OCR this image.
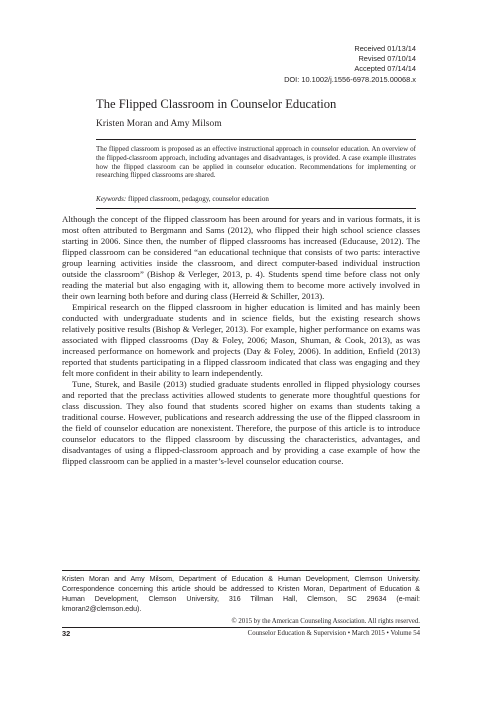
Received 01/13/14
Revised 07/10/14
Accepted 07/14/14
DOI: 10.1002/j.1556-6978.2015.00068.x
The Flipped Classroom in Counselor Education
Kristen Moran and Amy Milsom
The flipped classroom is proposed as an effective instructional approach in counselor education. An overview of the flipped-classroom approach, including advantages and disadvantages, is provided. A case example illustrates how the flipped classroom can be applied in counselor education. Recommendations for implementing or researching flipped classrooms are shared.
Keywords: flipped classroom, pedagogy, counselor education

Although the concept of the flipped classroom has been around for years and in various formats, it is most often attributed to Bergmann and Sams (2012), who flipped their high school science classes starting in 2006. Since then, the number of flipped classrooms has increased (Educause, 2012). The flipped classroom can be considered “an educational technique that consists of two parts: interactive group learning activities inside the classroom, and direct computer-based individual instruction outside the classroom” (Bishop & Verleger, 2013, p. 4). Students spend time before class not only reading the material but also engaging with it, allowing them to become more actively involved in their own learning both before and during class (Herreid & Schiller, 2013).

Empirical research on the flipped classroom in higher education is limited and has mainly been conducted with undergraduate students and in science fields, but the existing research shows relatively positive results (Bishop & Verleger, 2013). For example, higher performance on exams was associated with flipped classrooms (Day & Foley, 2006; Mason, Shuman, & Cook, 2013), as was increased performance on homework and projects (Day & Foley, 2006). In addition, Enfield (2013) reported that students participating in a flipped classroom indicated that class was engaging and they felt more confident in their ability to learn independently.

Tune, Sturek, and Basile (2013) studied graduate students enrolled in flipped physiology courses and reported that the preclass activities allowed students to generate more thoughtful questions for class discussion. They also found that students scored higher on exams than students taking a traditional course. However, publications and research addressing the use of the flipped classroom in the field of counselor education are nonexistent. Therefore, the purpose of this article is to introduce counselor educators to the flipped classroom by discussing the characteristics, advantages, and disadvantages of using a flipped-classroom approach and by providing a case example of how the flipped classroom can be applied in a master’s-level counselor education course.

Kristen Moran and Amy Milsom, Department of Education & Human Development, Clemson University. Correspondence concerning this article should be addressed to Kristen Moran, Department of Education & Human Development, Clemson University, 316 Tillman Hall, Clemson, SC 29634 (e-mail: kmoran2@clemson.edu).
© 2015 by the American Counseling Association. All rights reserved.
32	Counselor Education & Supervision • March 2015 • Volume 54
